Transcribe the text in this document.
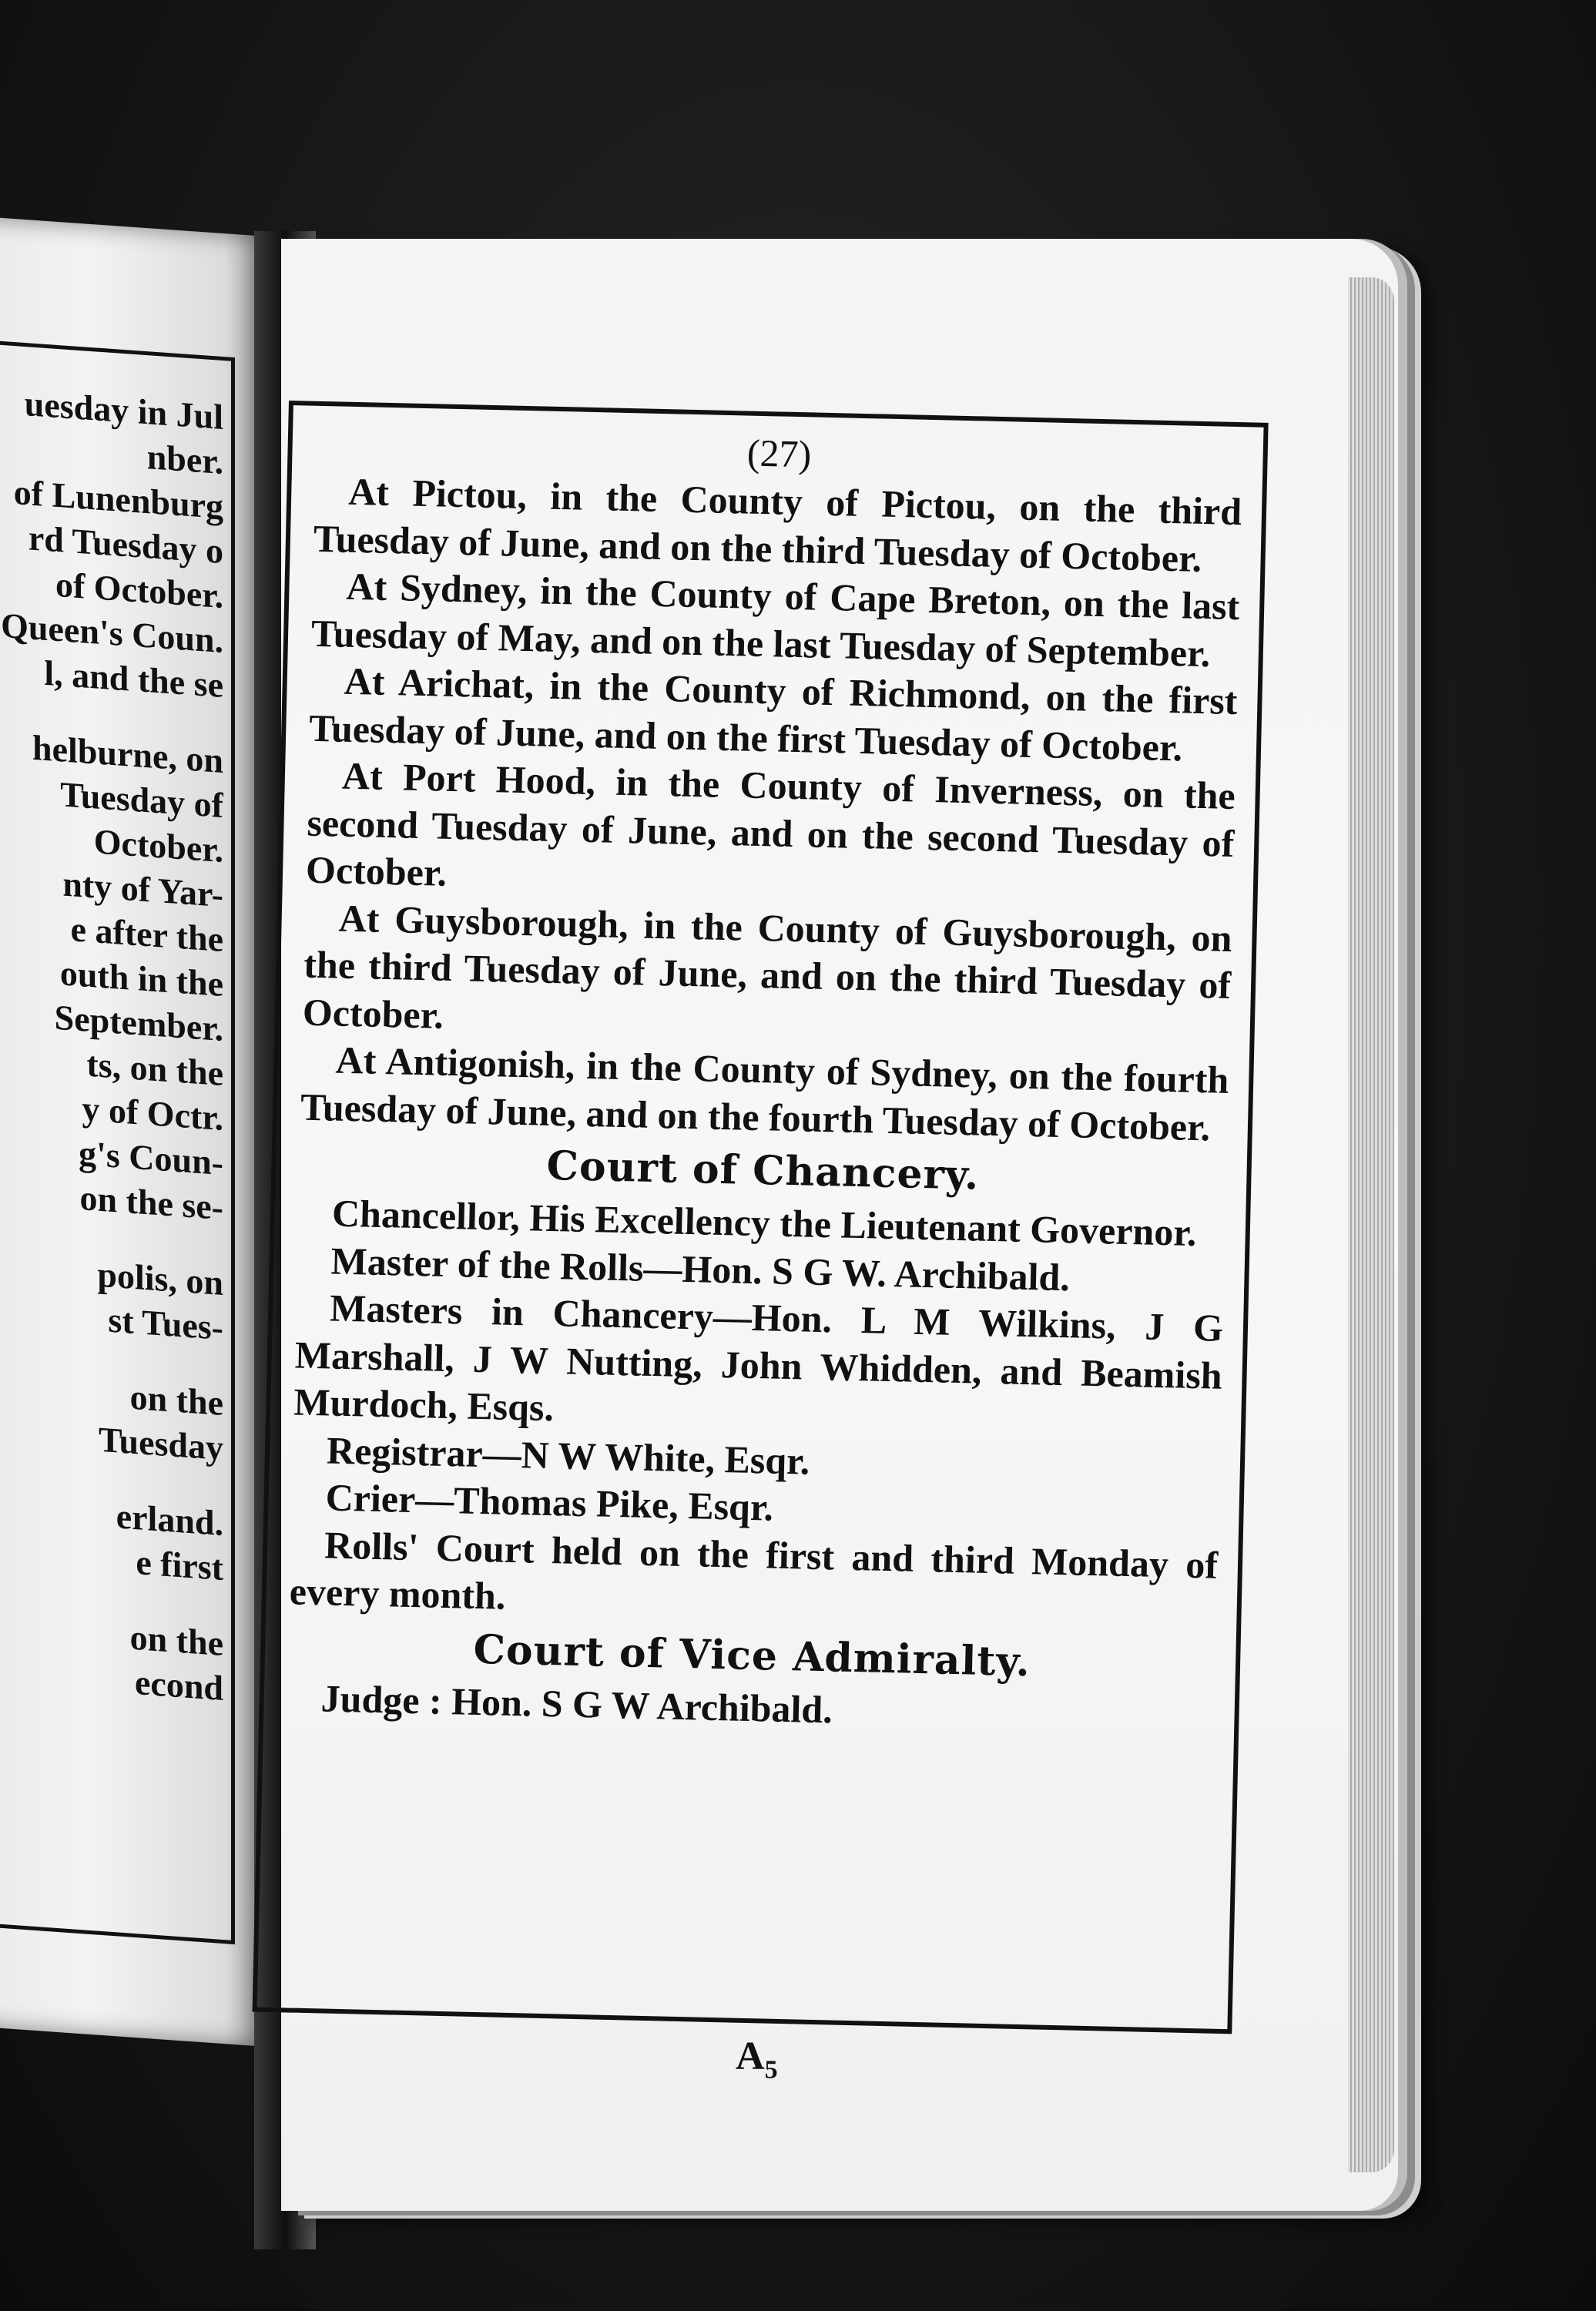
uesday in Jul
nber.
of Lunenburg
rd Tuesday o
of October.
Queen's Coun.
l, and the se
helburne, on
Tuesday of
October.
nty of Yar-
e after the
outh in the
September.
ts, on the
y of Octr.
g's Coun-
on the se-
polis, on
st Tues-
on the
Tuesday
erland.
e first
on the
econd
(27)

At Pictou, in the County of Pictou, on the third Tuesday of June, and on the third Tuesday of October.

At Sydney, in the County of Cape Breton, on the last Tuesday of May, and on the last Tuesday of September.

At Arichat, in the County of Richmond, on the first Tuesday of June, and on the first Tuesday of October.

At Port Hood, in the County of Inverness, on the second Tuesday of June, and on the second Tuesday of October.

At Guysborough, in the County of Guysborough, on the third Tuesday of June, and on the third Tuesday of October.

At Antigonish, in the County of Sydney, on the fourth Tuesday of June, and on the fourth Tuesday of October.

Court of Chancery.

Chancellor, His Excellency the Lieutenant Governor.

Master of the Rolls—Hon. S G W. Archibald.

Masters in Chancery—Hon. L M Wilkins, J G Marshall, J W Nutting, John Whidden, and Beamish Murdoch, Esqs.

Registrar—N W White, Esqr.

Crier—Thomas Pike, Esqr.

Rolls' Court held on the first and third Monday of every month.

Court of Vice Admiralty.

Judge : Hon. S G W Archibald.

$A_5$
